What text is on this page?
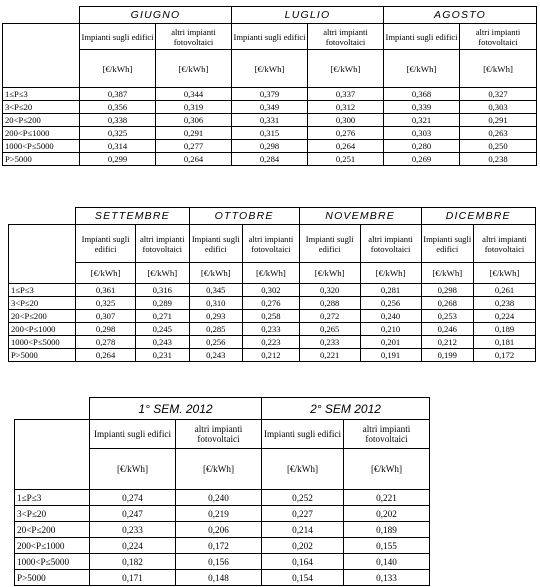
	GIUGNO		LUGLIO		AGOSTO	
	Impianti sugli edifici	altri impianti fotovoltaici	Impianti sugli edifici	altri impianti fotovoltaici	Impianti sugli edifici	altri impianti fotovoltaici
	[€/kWh]	[€/kWh]	[€/kWh]	[€/kWh]	[€/kWh]	[€/kWh]
1≤P≤3	0,387	0,344	0,379	0,337	0,368	0,327
3<P≤20	0,356	0,319	0,349	0,312	0,339	0,303
20<P≤200	0,338	0,306	0,331	0,300	0,321	0,291
200<P≤1000	0,325	0,291	0,315	0,276	0,303	0,263
1000<P≤5000	0,314	0,277	0,298	0,264	0,280	0,250
P>5000	0,299	0,264	0,284	0,251	0,269	0,238
	SETTEMBRE		OTTOBRE		NOVEMBRE		DICEMBRE	
	Impianti sugli edifici	altri impianti fotovoltaici	Impianti sugli edifici	altri impianti fotovoltaici	Impianti sugli edifici	altri impianti fotovoltaici	Impianti sugli edifici	altri impianti fotovoltaici
	[€/kWh]	[€/kWh]	[€/kWh]	[€/kWh]	[€/kWh]	[€/kWh]	[€/kWh]	[€/kWh]
1≤P≤3	0,361	0,316	0,345	0,302	0,320	0,281	0,298	0,261
3<P≤20	0,325	0,289	0,310	0,276	0,288	0,256	0,268	0,238
20<P≤200	0,307	0,271	0,293	0,258	0,272	0,240	0,253	0,224
200<P≤1000	0,298	0,245	0,285	0,233	0,265	0,210	0,246	0,189
1000<P≤5000	0,278	0,243	0,256	0,223	0,233	0,201	0,212	0,181
P>5000	0,264	0,231	0,243	0,212	0,221	0,191	0,199	0,172
	1° SEM. 2012		2° SEM 2012	
	Impianti sugli edifici	altri impianti fotovoltaici	Impianti sugli edifici	altri impianti fotovoltaici
	[€/kWh]	[€/kWh]	[€/kWh]	[€/kWh]
1≤P≤3	0,274	0,240	0,252	0,221
3<P≤20	0,247	0,219	0,227	0,202
20<P≤200	0,233	0,206	0,214	0,189
200<P≤1000	0,224	0,172	0,202	0,155
1000<P≤5000	0,182	0,156	0,164	0,140
P>5000	0,171	0,148	0,154	0,133
